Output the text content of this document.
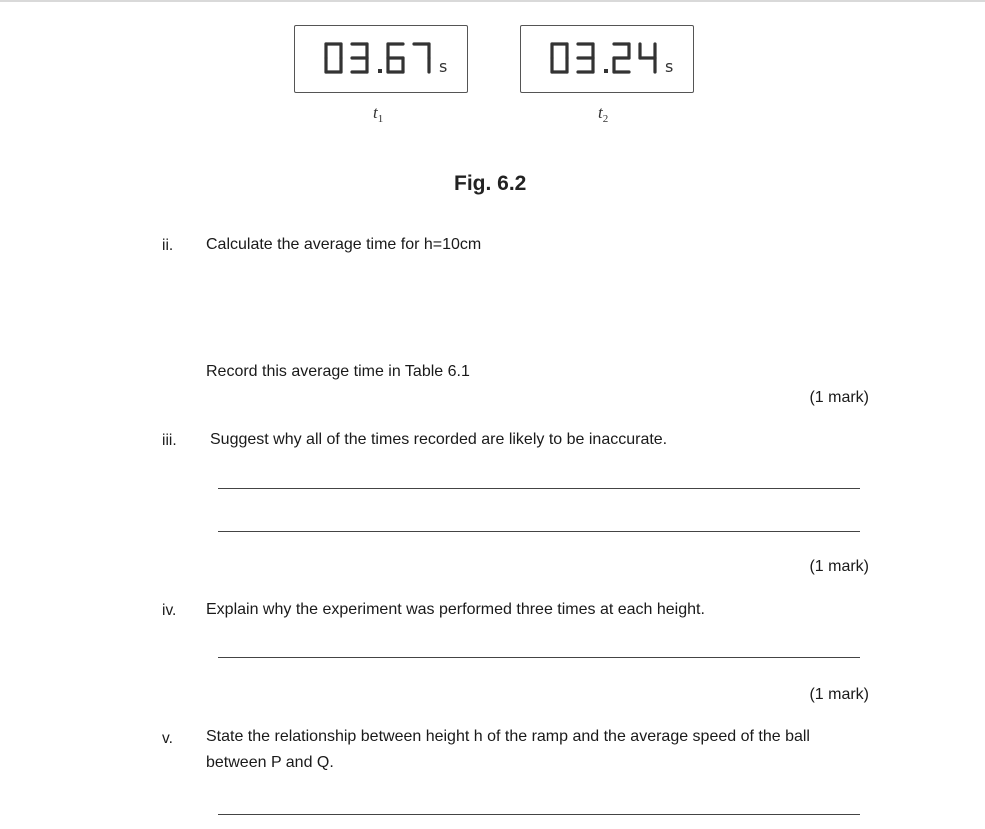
s
$t_1$
s
$t_2$
Fig. 6.2
ii. Calculate the average time for h=10cm
Record this average time in Table 6.1
(1 mark)
iii. Suggest why all of the times recorded are likely to be inaccurate.
(1 mark)
iv. Explain why the experiment was performed three times at each height.
(1 mark)
v. State the relationship between height h of the ramp and the average speed of the ball
between P and Q.
